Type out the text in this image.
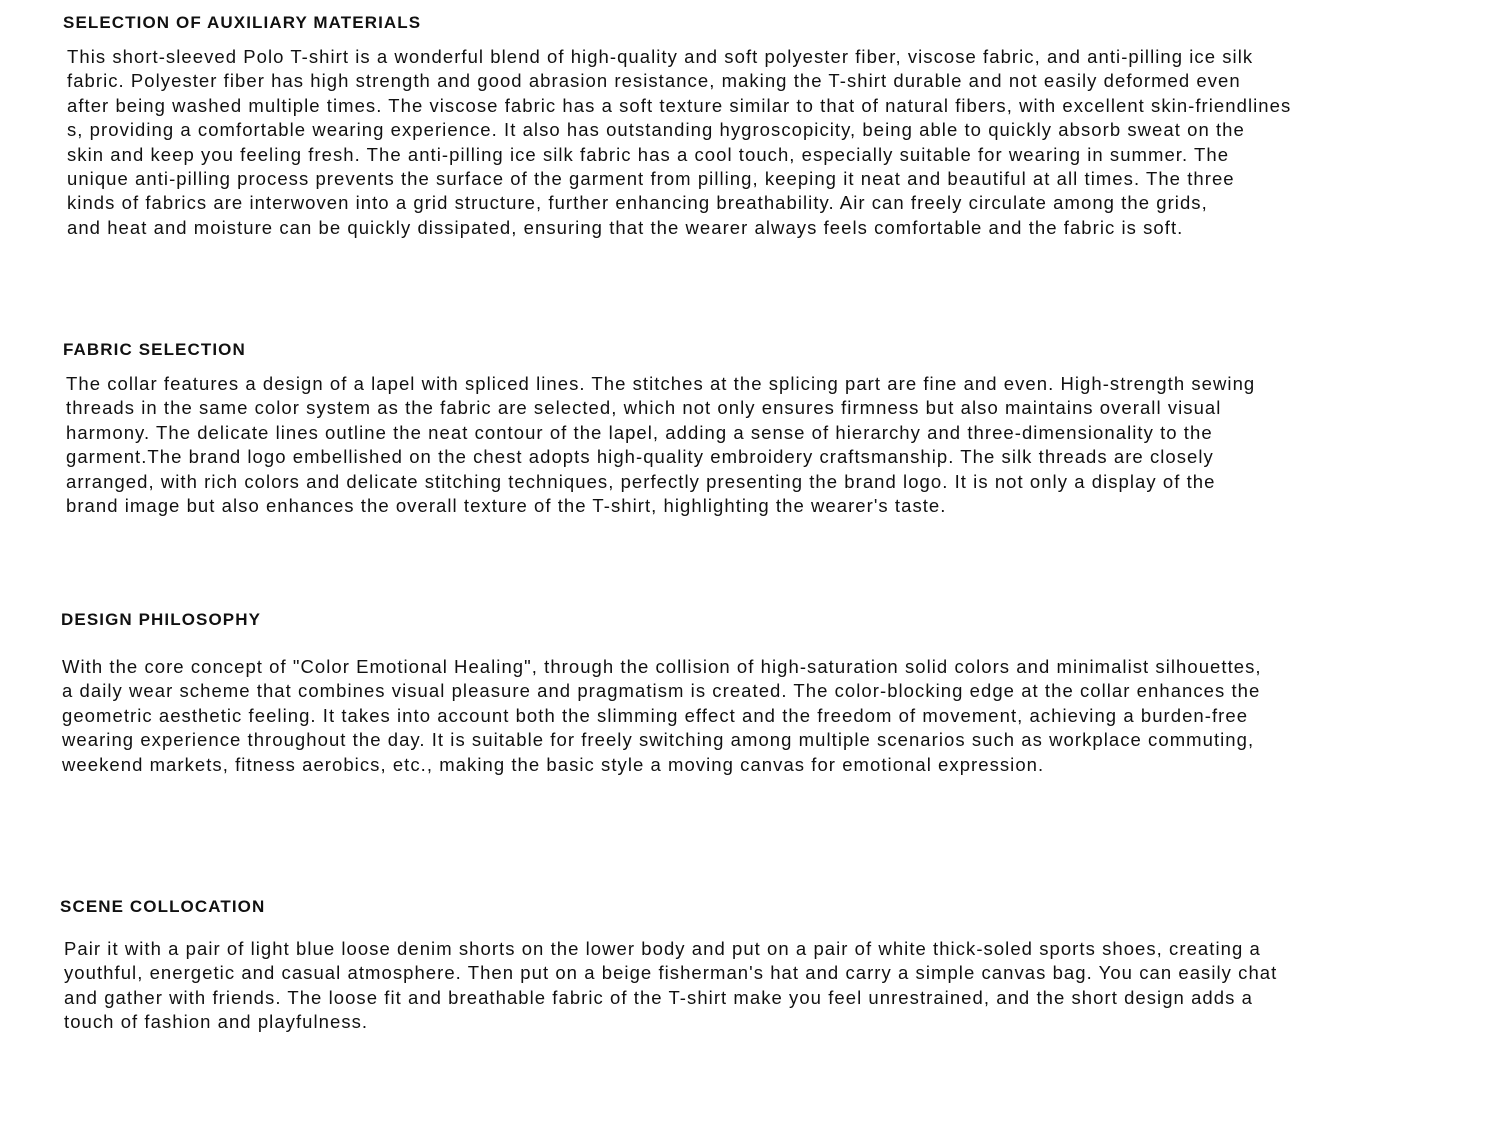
SELECTION OF AUXILIARY MATERIALS
This short-sleeved Polo T-shirt is a wonderful blend of high-quality and soft polyester fiber, viscose fabric, and anti-pilling ice silk
fabric. Polyester fiber has high strength and good abrasion resistance, making the T-shirt durable and not easily deformed even
after being washed multiple times. The viscose fabric has a soft texture similar to that of natural fibers, with excellent skin-friendlines
s, providing a comfortable wearing experience. It also has outstanding hygroscopicity, being able to quickly absorb sweat on the
skin and keep you feeling fresh. The anti-pilling ice silk fabric has a cool touch, especially suitable for wearing in summer. The
unique anti-pilling process prevents the surface of the garment from pilling, keeping it neat and beautiful at all times. The three
kinds of fabrics are interwoven into a grid structure, further enhancing breathability. Air can freely circulate among the grids,
and heat and moisture can be quickly dissipated, ensuring that the wearer always feels comfortable and the fabric is soft.
FABRIC SELECTION
The collar features a design of a lapel with spliced lines. The stitches at the splicing part are fine and even. High-strength sewing
threads in the same color system as the fabric are selected, which not only ensures firmness but also maintains overall visual
harmony. The delicate lines outline the neat contour of the lapel, adding a sense of hierarchy and three-dimensionality to the
garment.The brand logo embellished on the chest adopts high-quality embroidery craftsmanship. The silk threads are closely
arranged, with rich colors and delicate stitching techniques, perfectly presenting the brand logo. It is not only a display of the
brand image but also enhances the overall texture of the T-shirt, highlighting the wearer's taste.
DESIGN PHILOSOPHY
With the core concept of "Color Emotional Healing", through the collision of high-saturation solid colors and minimalist silhouettes,
a daily wear scheme that combines visual pleasure and pragmatism is created. The color-blocking edge at the collar enhances the
geometric aesthetic feeling. It takes into account both the slimming effect and the freedom of movement, achieving a burden-free
wearing experience throughout the day. It is suitable for freely switching among multiple scenarios such as workplace commuting,
weekend markets, fitness aerobics, etc., making the basic style a moving canvas for emotional expression.
SCENE COLLOCATION
Pair it with a pair of light blue loose denim shorts on the lower body and put on a pair of white thick-soled sports shoes, creating a
youthful, energetic and casual atmosphere. Then put on a beige fisherman's hat and carry a simple canvas bag. You can easily chat
and gather with friends. The loose fit and breathable fabric of the T-shirt make you feel unrestrained, and the short design adds a
touch of fashion and playfulness.
